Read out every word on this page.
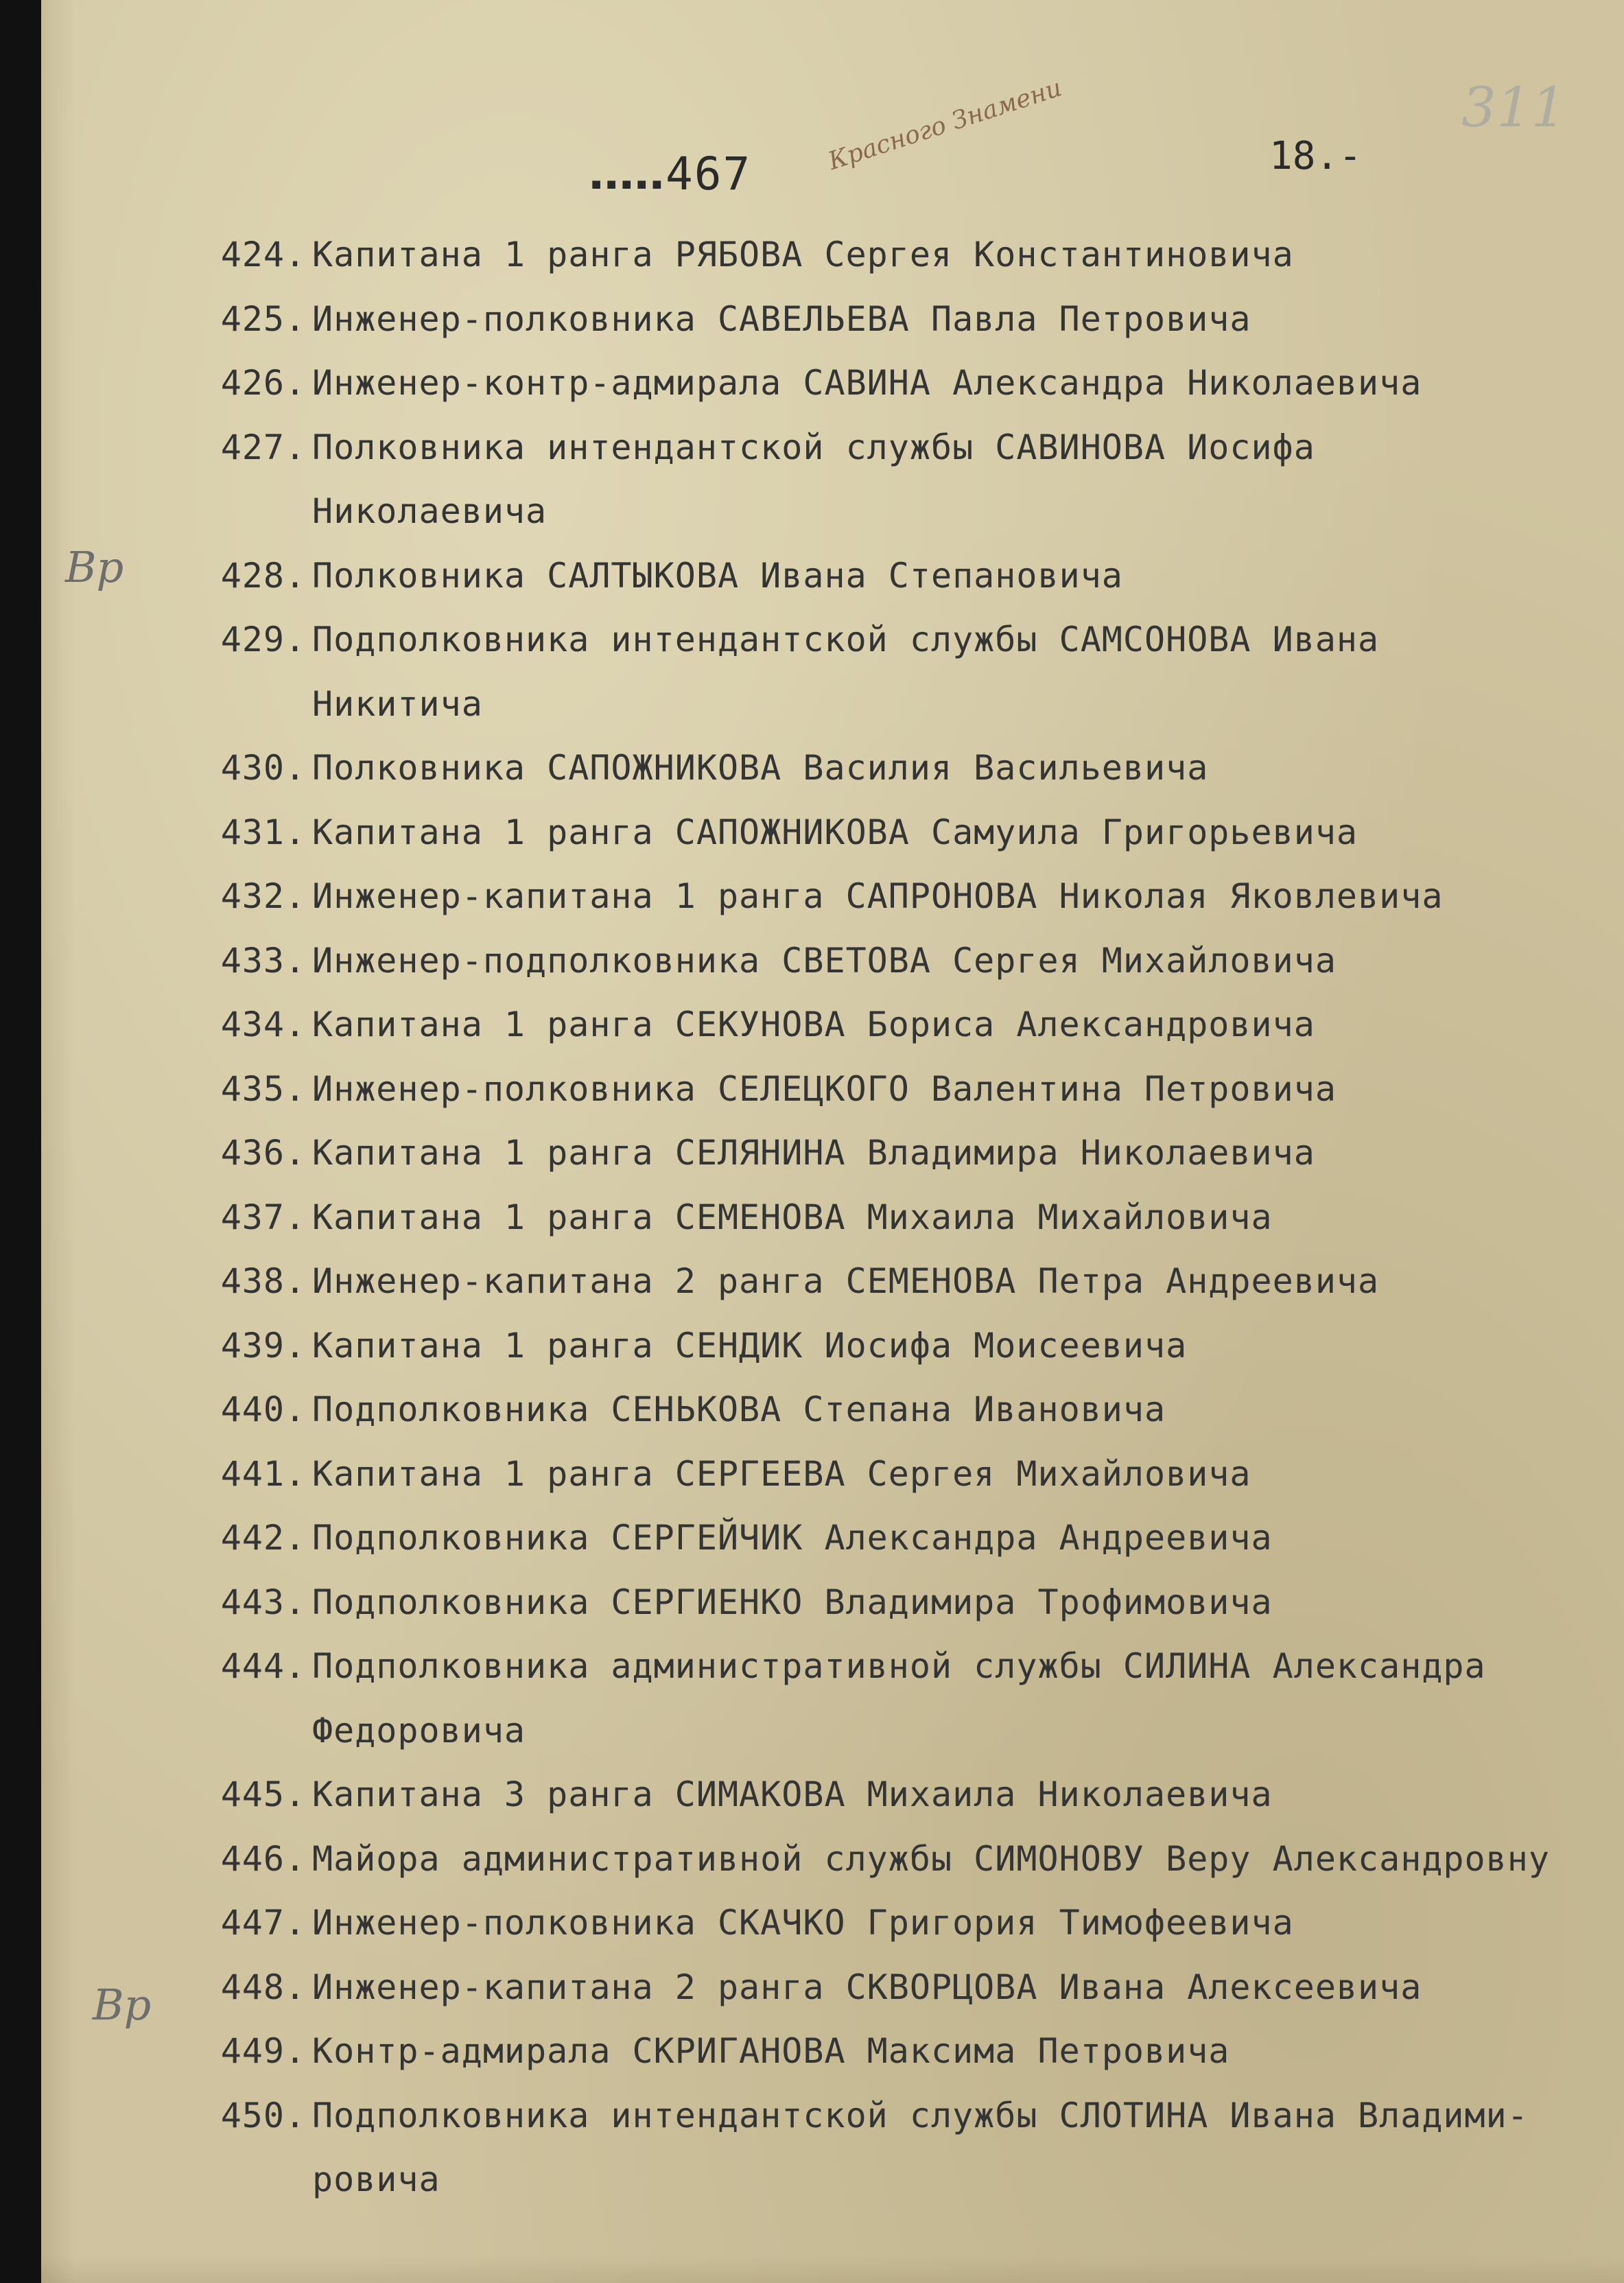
✓
ʃ
♦
▾
▪▪▪▪▪ 467	Красного Знамени	18.-
311
Вр
Вр
424 . Капитана 1 ранга РЯБОВА Сергея Константиновича
425 . Инженер-полковника САВЕЛЬЕВА Павла Петровича
426 . Инженер-контр-адмирала САВИНА Александра Николаевича
427 . Полковника интендантской службы САВИНОВА Иосифа
Николаевича
428 . Полковника САЛТЫКОВА Ивана Степановича
429 . Подполковника интендантской службы САМСОНОВА Ивана
Никитича
430 . Полковника САПОЖНИКОВА Василия Васильевича
431 . Капитана 1 ранга САПОЖНИКОВА Самуила Григорьевича
432 . Инженер-капитана 1 ранга САПРОНОВА Николая Яковлевича
433 . Инженер-подполковника СВЕТОВА Сергея Михайловича
434 . Капитана 1 ранга СЕКУНОВА Бориса Александровича
435 . Инженер-полковника СЕЛЕЦКОГО Валентина Петровича
436 . Капитана 1 ранга СЕЛЯНИНА Владимира Николаевича
437 . Капитана 1 ранга СЕМЕНОВА Михаила Михайловича
438 . Инженер-капитана 2 ранга СЕМЕНОВА Петра Андреевича
439 . Капитана 1 ранга СЕНДИК Иосифа Моисеевича
440 . Подполковника СЕНЬКОВА Степана Ивановича
441 . Капитана 1 ранга СЕРГЕЕВА Сергея Михайловича
442 . Подполковника СЕРГЕЙЧИК Александра Андреевича
443 . Подполковника СЕРГИЕНКО Владимира Трофимовича
444 . Подполковника административной службы СИЛИНА Александра
Федоровича
445 . Капитана 3 ранга СИМАКОВА Михаила Николаевича
446 . Майора административной службы СИМОНОВУ Веру Александровну
447 . Инженер-полковника СКАЧКО Григория Тимофеевича
448 . Инженер-капитана 2 ранга СКВОРЦОВА Ивана Алексеевича
449 . Контр-адмирала СКРИГАНОВА Максима Петровича
450 . Подполковника интендантской службы СЛОТИНА Ивана Владими-
ровича
